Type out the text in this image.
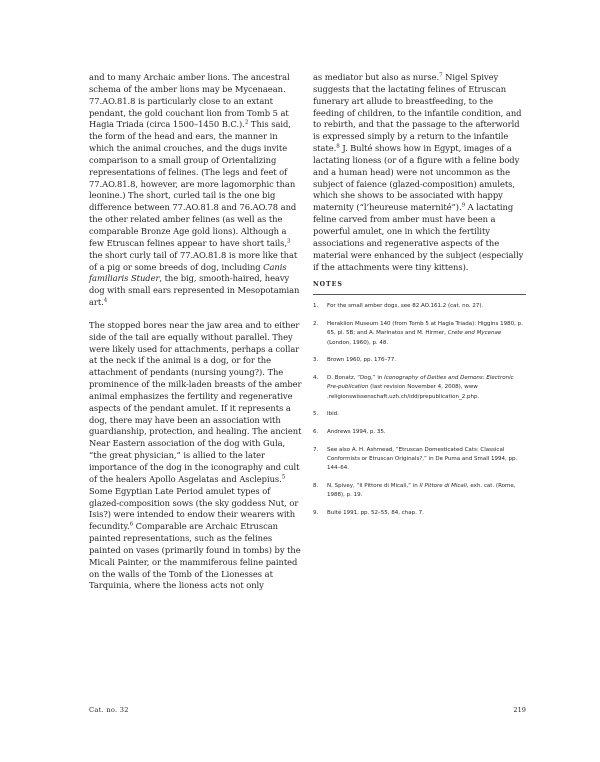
and to many Archaic amber lions. The ancestral schema of the amber lions may be Mycenaean. 77.AO.81.8 is particularly close to an extant pendant, the gold couchant lion from Tomb 5 at Hagia Triada (circa 1500–1450 B.C.).$^2$ This said, the form of the head and ears, the manner in which the animal crouches, and the dugs invite comparison to a small group of Orientalizing representations of felines. (The legs and feet of 77.AO.81.8, however, are more lagomorphic than leonine.) The short, curled tail is the one big difference between 77.AO.81.8 and 76.AO.78 and the other related amber felines (as well as the comparable Bronze Age gold lions). Although a few Etruscan felines appear to have short tails,$^3$ the short curly tail of 77.AO.81.8 is more like that of a pig or some breeds of dog, including Canis familiaris Studer, the big, smooth-haired, heavy dog with small ears represented in Mesopotamian art.$^4$

The stopped bores near the jaw area and to either side of the tail are equally without parallel. They were likely used for attachments, perhaps a collar at the neck if the animal is a dog, or for the attachment of pendants (nursing young?). The prominence of the milk-laden breasts of the amber animal emphasizes the fertility and regenerative aspects of the pendant amulet. If it represents a dog, there may have been an association with guardianship, protection, and healing. The ancient Near Eastern association of the dog with Gula, “the great physician,” is allied to the later importance of the dog in the iconography and cult of the healers Apollo Asgelatas and Asclepius.$^5$ Some Egyptian Late Period amulet types of glazed-composition sows (the sky goddess Nut, or Isis?) were intended to endow their wearers with fecundity.$^6$ Comparable are Archaic Etruscan painted representations, such as the felines painted on vases (primarily found in tombs) by the Micali Painter, or the mammiferous feline painted on the walls of the Tomb of the Lionesses at Tarquinia, where the lioness acts not only

as mediator but also as nurse.$^7$ Nigel Spivey suggests that the lactating felines of Etruscan funerary art allude to breastfeeding, to the feeding of children, to the infantile condition, and to rebirth, and that the passage to the afterworld is expressed simply by a return to the infantile state.$^8$ J. Bulté shows how in Egypt, images of a lactating lioness (or of a figure with a feline body and a human head) were not uncommon as the subject of faience (glazed-composition) amulets, which she shows to be associated with happy maternity (“l’heureuse maternité”).$^9$ A lactating feline carved from amber must have been a powerful amulet, one in which the fertility associations and regenerative aspects of the material were enhanced by the subject (especially if the attachments were tiny kittens).

NOTES
1. For the small amber dogs, see 82.AO.161.2 (cat. no. 27).
2. Heraklion Museum 140 (from Tomb 5 at Hagia Triada): Higgins 1980, p. 65, pl. 5B; and A. Marinatos and M. Hirmer, Crete and Mycenae (London, 1960), p. 48.
3. Brown 1960, pp. 176–77.
4. D. Bonatz, “Dog,” in Iconography of Deities and Demons: Electronic Pre-publication (last revision November 4, 2008), www .religionswissenschaft.uzh.ch/idd/prepublication_2.php.
5. Ibid.
6. Andrews 1994, p. 35.
7. See also A. H. Ashmead, “Etruscan Domesticated Cats: Classical Conformists or Etruscan Originals?,” in De Puma and Small 1994, pp. 144–64.
8. N. Spivey, “Il Pittore di Micali,” in Il Pittore di Micali, exh. cat. (Rome, 1988), p. 19.
9. Bulté 1991, pp. 52–55, 84, chap. 7.
Cat. no. 32	219
